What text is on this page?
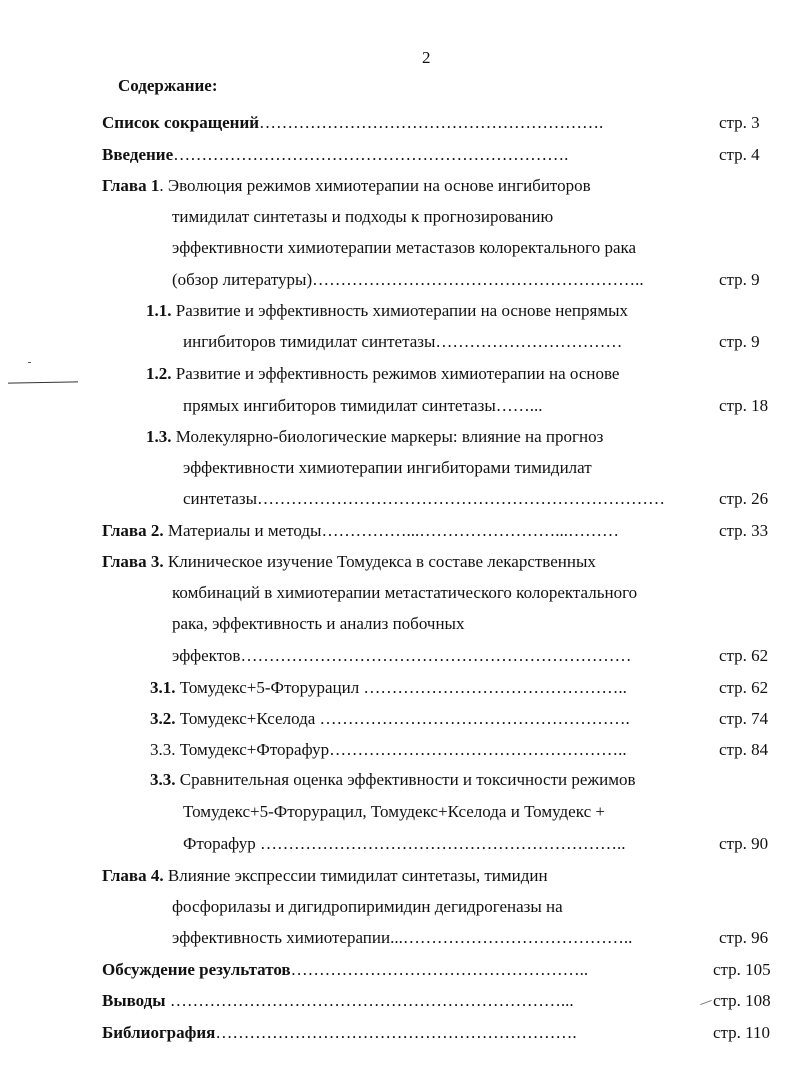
2
Содержание:
Список сокращений…………………………………………………….	стр. 3
Введение…………………………………………………………….	стр. 4
Глава 1. Эволюция режимов химиотерапии на основе ингибиторов
тимидилат синтетазы и подходы к прогнозированию
эффективности химиотерапии метастазов колоректального рака
(обзор литературы)…………………………………………………..	стр. 9
1.1. Развитие и эффективность химиотерапии на основе непрямых
ингибиторов тимидилат синтетазы……………………………	стр. 9
1.2. Развитие и эффективность режимов химиотерапии на основе
прямых ингибиторов тимидилат синтетазы……...	стр. 18
1.3. Молекулярно-биологические маркеры: влияние на прогноз
эффективности химиотерапии ингибиторами тимидилат
синтетазы………………………………………………………………	стр. 26
Глава 2. Материалы и методы……………...……………………...………	стр. 33
Глава 3. Клиническое изучение Томудекса в составе лекарственных
комбинаций в химиотерапии метастатического колоректального
рака, эффективность и анализ побочных
эффектов……………………………………………………………	стр. 62
3.1. Томудекс+5-Фторурацил ………………………………………..	стр. 62
3.2. Томудекс+Кселода ……………………………………………….	стр. 74
3.3. Томудекс+Фторафур……………………………………………..	стр. 84
3.3. Сравнительная оценка эффективности и токсичности режимов
Томудекс+5-Фторурацил, Томудекс+Кселода и Томудекс +
Фторафур ………………………………………………………..	стр. 90
Глава 4. Влияние экспрессии тимидилат синтетазы, тимидин
фосфорилазы и дигидропиримидин дегидрогеназы на
эффективность химиотерапии...…………………………………..	стр. 96
Обсуждение результатов……………………………………………..	стр. 105
Выводы ……………………………………………………………...	стр. 108
Библиография……………………………………………………….	стр. 110
